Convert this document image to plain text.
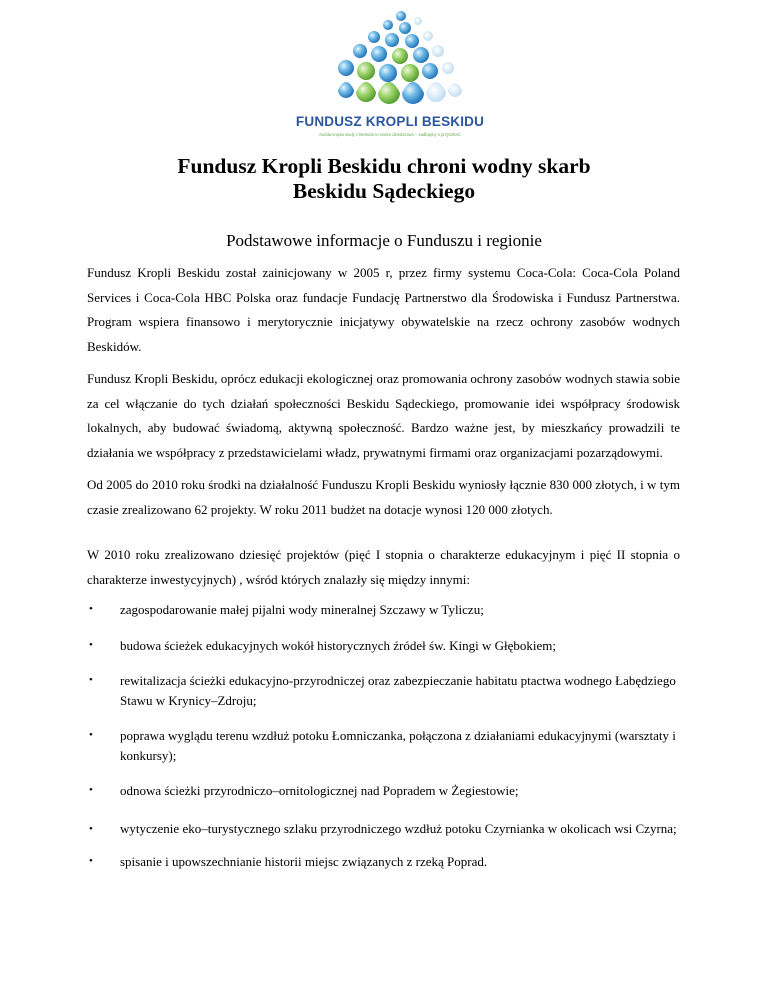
FUNDUSZ KROPLI BESKIDU
Każda kropla wody z Beskidu to nasze dziedzictwo – zadbajmy o przyszłość
Fundusz Kropli Beskidu chroni wodny skarb
Beskidu Sądeckiego
Podstawowe informacje o Funduszu i regionie

Fundusz Kropli Beskidu został zainicjowany w 2005 r, przez firmy systemu Coca-Cola: Coca-Cola Poland Services i Coca-Cola HBC Polska oraz fundacje Fundację Partnerstwo dla Środowiska i Fundusz Partnerstwa. Program wspiera finansowo i merytorycznie inicjatywy obywatelskie na rzecz ochrony zasobów wodnych Beskidów.

Fundusz Kropli Beskidu, oprócz edukacji ekologicznej oraz promowania ochrony zasobów wodnych stawia sobie za cel włączanie do tych działań społeczności Beskidu Sądeckiego, promowanie idei współpracy środowisk lokalnych, aby budować świadomą, aktywną społeczność. Bardzo ważne jest, by mieszkańcy prowadzili te działania we współpracy z przedstawicielami władz, prywatnymi firmami oraz organizacjami pozarządowymi.

Od 2005 do 2010 roku środki na działalność Funduszu Kropli Beskidu wyniosły łącznie 830 000 złotych, i w tym czasie zrealizowano 62 projekty. W roku 2011 budżet na dotacje wynosi 120 000 złotych.

W 2010 roku zrealizowano dziesięć projektów (pięć I stopnia o charakterze edukacyjnym i pięć II stopnia o charakterze inwestycyjnych) , wśród których znalazły się między innymi:

• zagospodarowanie małej pijalni wody mineralnej Szczawy w Tyliczu;
• budowa ścieżek edukacyjnych wokół historycznych źródeł św. Kingi w Głębokiem;
• rewitalizacja ścieżki edukacyjno-przyrodniczej oraz zabezpieczanie habitatu ptactwa wodnego Łabędziego Stawu w Krynicy–Zdroju;
• poprawa wyglądu terenu wzdłuż potoku Łomniczanka, połączona z działaniami edukacyjnymi (warsztaty i konkursy);
• odnowa ścieżki przyrodniczo–ornitologicznej nad Popradem w Żegiestowie;
• wytyczenie eko–turystycznego szlaku przyrodniczego wzdłuż potoku Czyrnianka w okolicach wsi Czyrna;
• spisanie i upowszechnianie historii miejsc związanych z rzeką Poprad.
